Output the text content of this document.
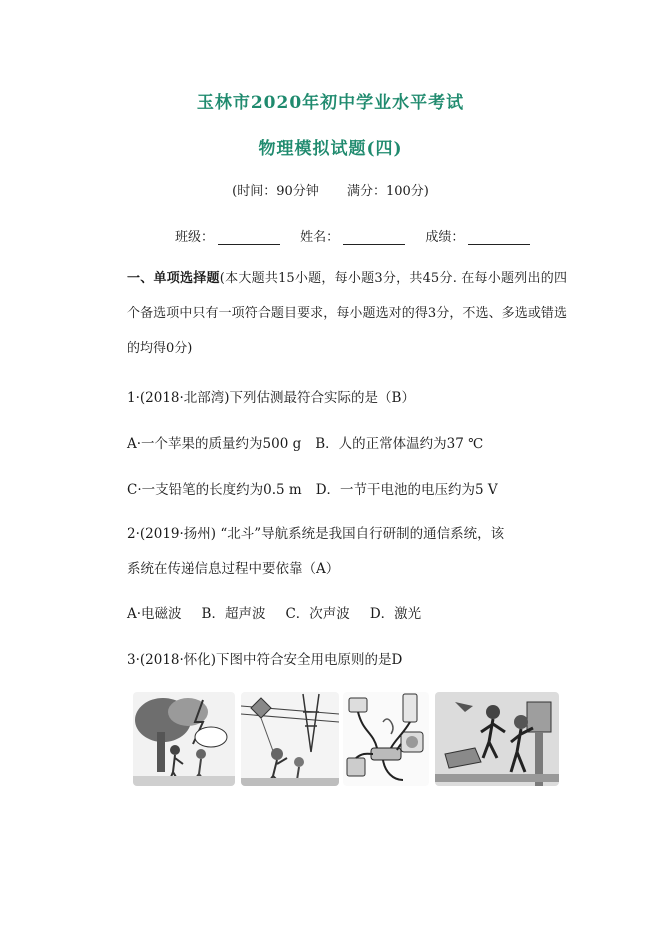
玉林市2020年初中学业水平考试
物理模拟试题(四)
(时间：90分钟 满分：100分)
班级：	姓名：	成绩：
一、单项选择题(本大题共15小题，每小题3分，共45分. 在每小题列出的四个备选项中只有一项符合题目要求，每小题选对的得3分，不选、多选或错选的均得0分)
1·(2018·北部湾)下列估测最符合实际的是（B）
A·一个苹果的质量约为500 g B．人的正常体温约为37 ℃
C·一支铅笔的长度约为0.5 m D．一节干电池的电压约为5 V
2·(2019·扬州) “北斗”导航系统是我国自行研制的通信系统，该
系统在传递信息过程中要依靠（A）
A·电磁波 B．超声波 C．次声波 D．激光
3·(2018·怀化)下图中符合安全用电原则的是D
